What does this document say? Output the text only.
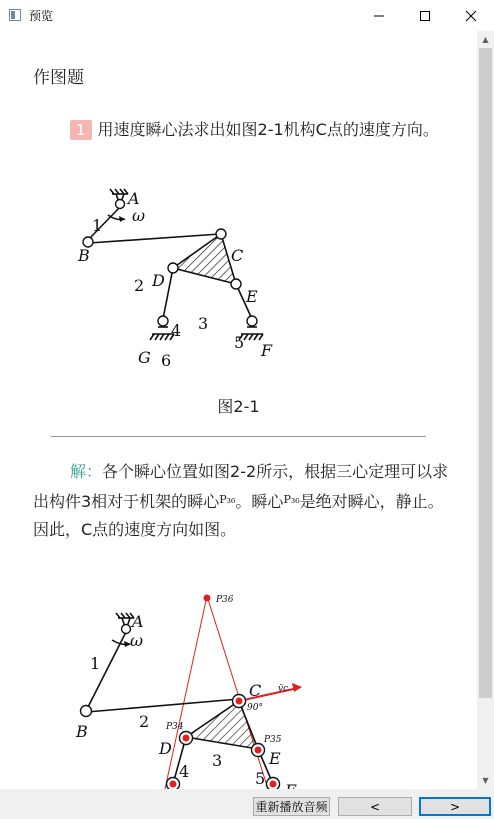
预览
作图题
1 用速度瞬心法求出如图2-1机构C点的速度方向。
A
ω
B	C
D
E
F
G
1
2
3
4
5
6
图2-1
解：各个瞬心位置如图2-2所示，根据三心定理可以求出构件3相对于机架的瞬心$^{P_{36}}$。瞬心$^{P_{36}}$是绝对瞬心，静止。因此，C点的速度方向如图。
A
ω
B
C
D
E
P36
P34
P35
v̄c
90°
1
2
3
4	5
▲
▼
重新播放音频	<	>
